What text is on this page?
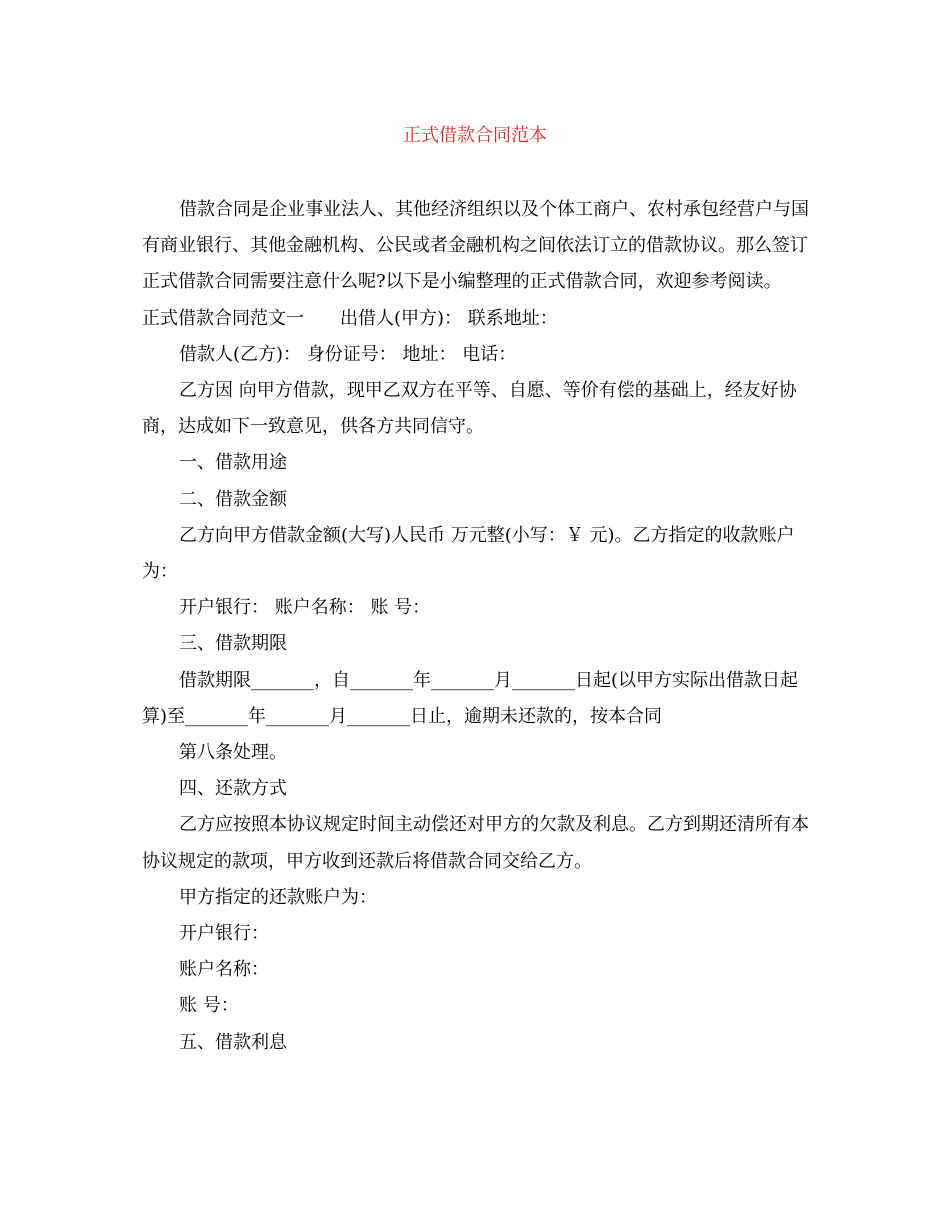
正式借款合同范本

借款合同是企业事业法人、其他经济组织以及个体工商户、农村承包经营户与国有商业银行、其他金融机构、公民或者金融机构之间依法订立的借款协议。那么签订正式借款合同需要注意什么呢?以下是小编整理的正式借款合同，欢迎参考阅读。

正式借款合同范文一　　出借人(甲方)： 联系地址：

借款人(乙方)： 身份证号： 地址： 电话：

乙方因 向甲方借款，现甲乙双方在平等、自愿、等价有偿的基础上，经友好协商，达成如下一致意见，供各方共同信守。

一、借款用途

二、借款金额

乙方向甲方借款金额(大写)人民币 万元整(小写：￥ 元)。乙方指定的收款账户为：

开户银行： 账户名称： 账 号：

三、借款期限

借款期限_______，自_______年_______月_______日起(以甲方实际出借款日起算)至_______年_______月_______日止，逾期未还款的，按本合同

第八条处理。

四、还款方式

乙方应按照本协议规定时间主动偿还对甲方的欠款及利息。乙方到期还清所有本协议规定的款项，甲方收到还款后将借款合同交给乙方。

甲方指定的还款账户为：

开户银行：

账户名称：

账 号：

五、借款利息
